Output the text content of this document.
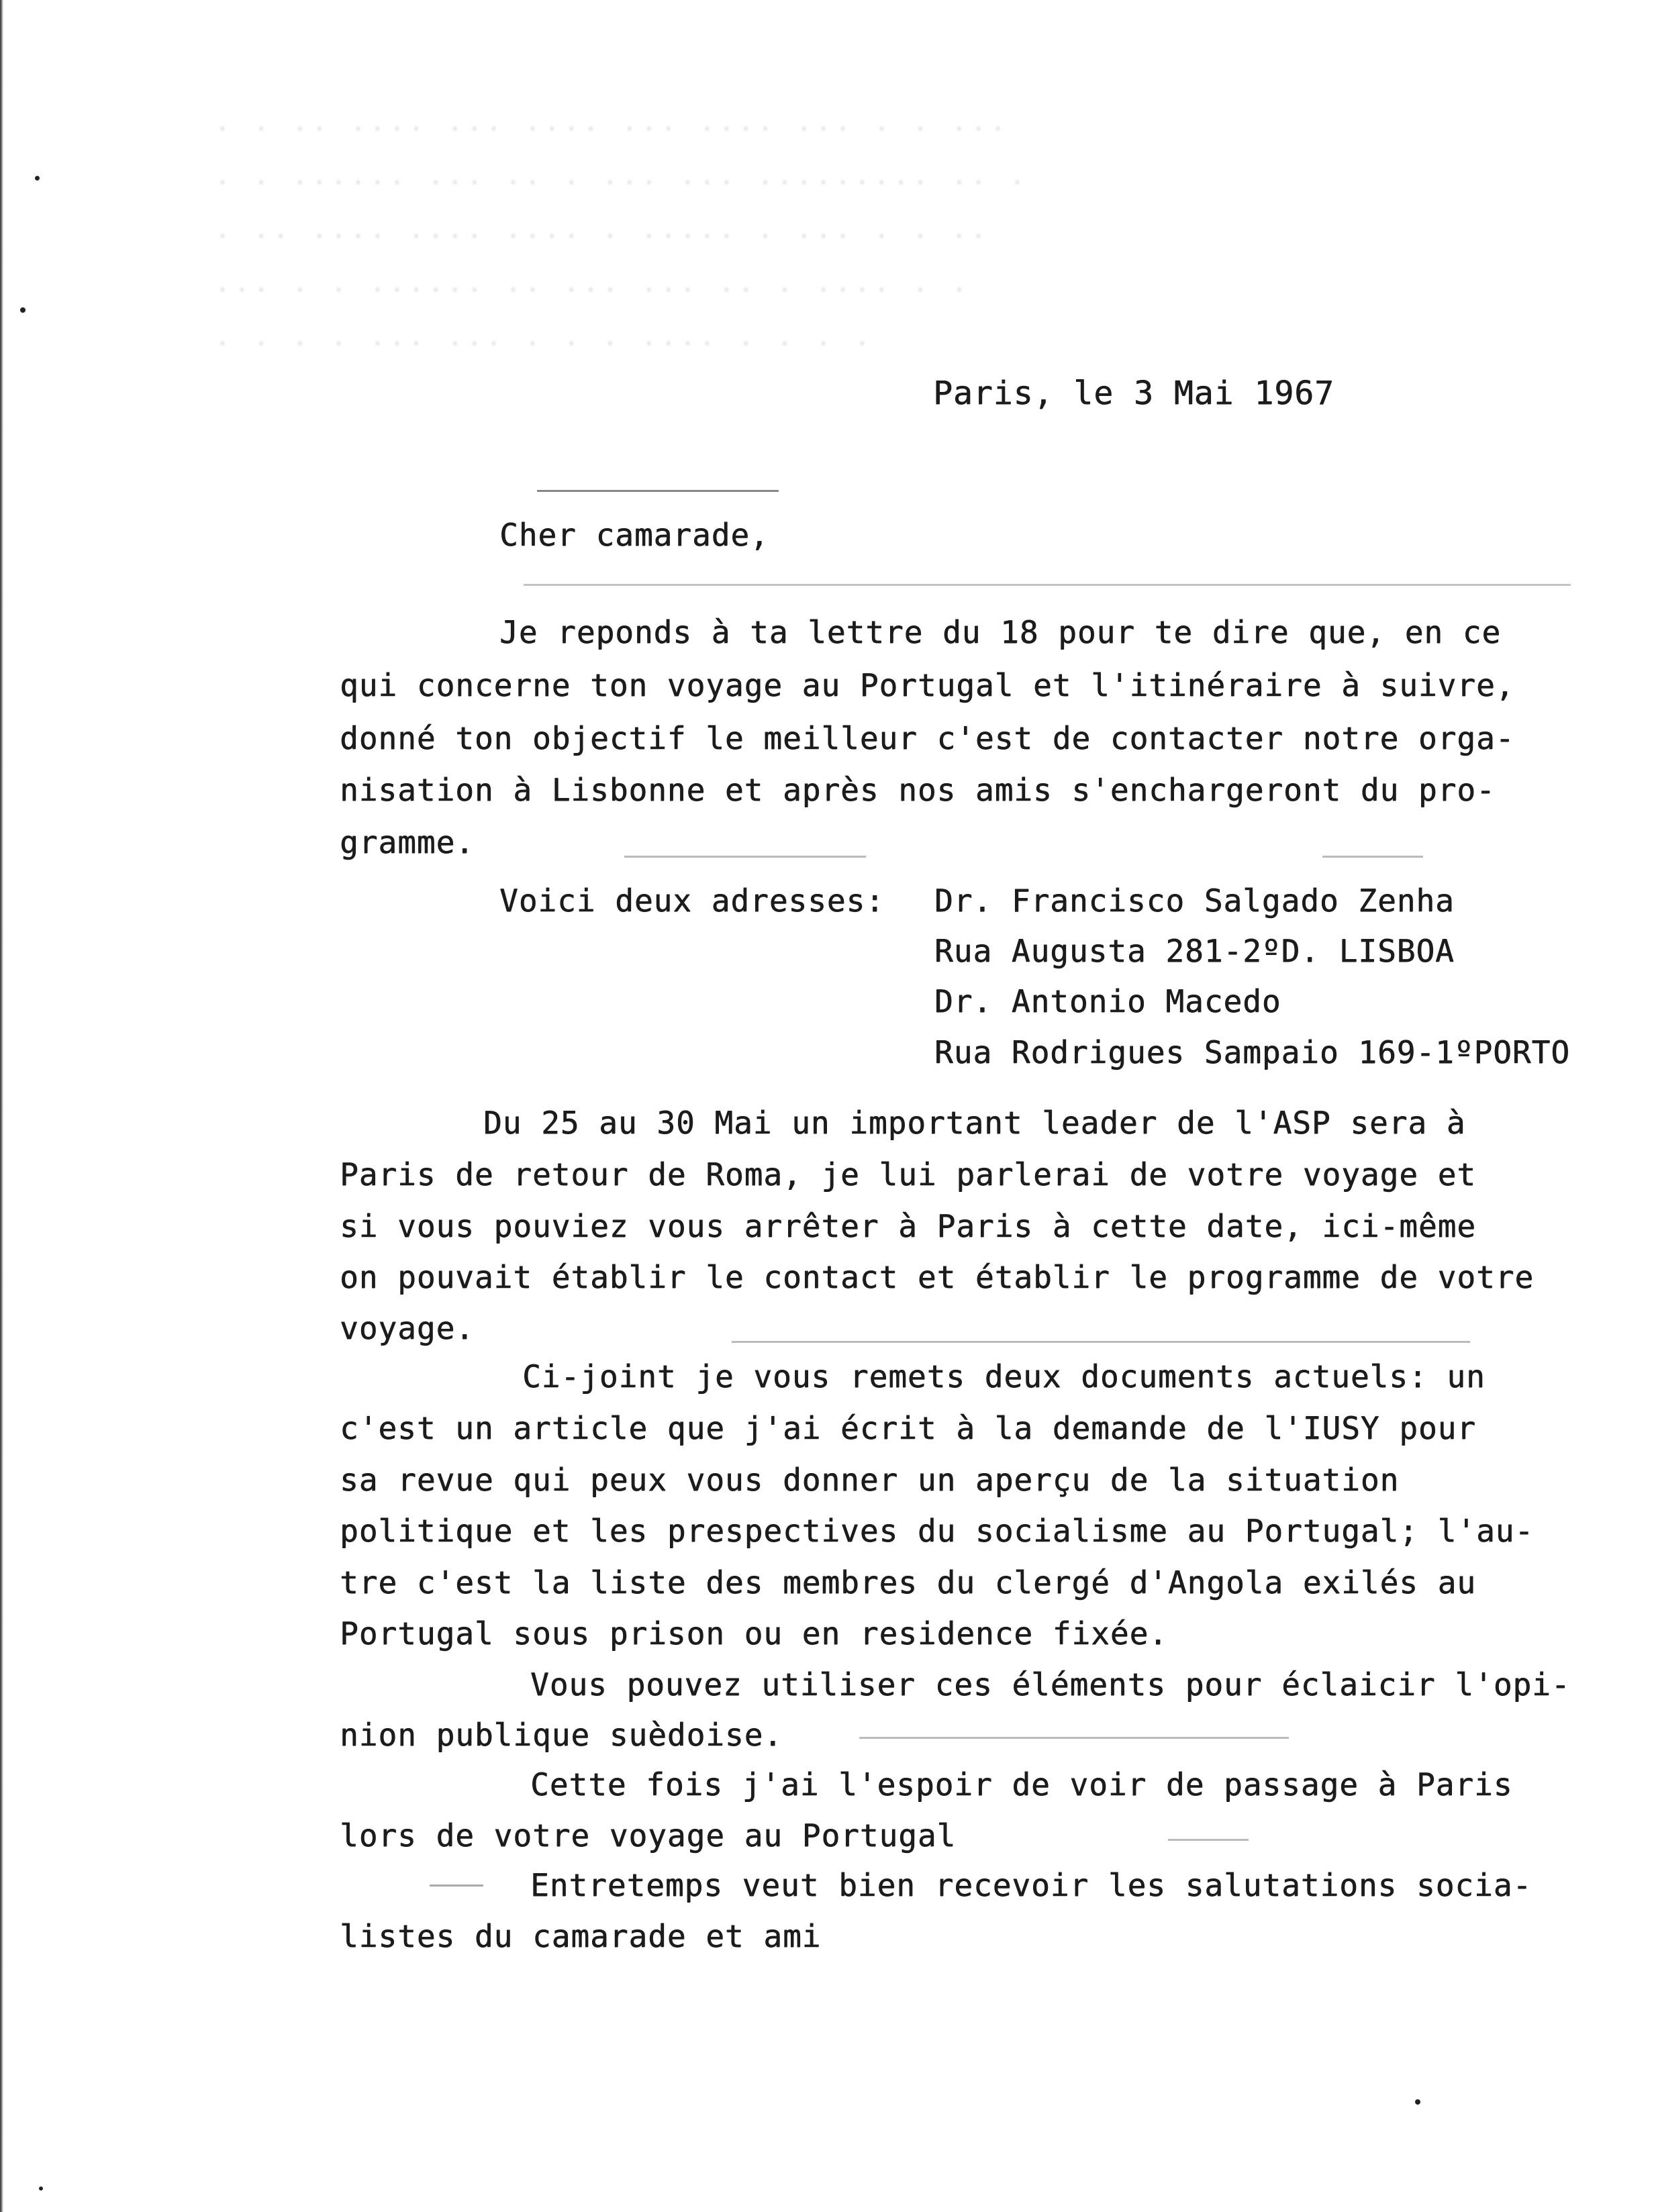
· · ·· ···· ··· ···· ··· ···· ··· · · ···
· · ······ ··· ·· · ··· ··· ········· ·· ·
· ·· ···· ···· ···· · ····· · ··· · · ··
··· · · ······ ·· ··· ··· ·· · ···· · ·
· · · · ··· ··· · · · ···· · · · ·
Paris, le 3 Mai 1967
Cher camarade,
Je reponds à ta lettre du 18 pour te dire que, en ce
qui concerne ton voyage au Portugal et l'itinéraire à suivre,
donné ton objectif le meilleur c'est de contacter notre orga-
nisation à Lisbonne et après nos amis s'enchargeront du pro-
gramme.
Voici deux adresses: Dr. Francisco Salgado Zenha
Rua Augusta 281-2ºD. LISBOA
Dr. Antonio Macedo
Rua Rodrigues Sampaio 169-1ºPORTO
Du 25 au 30 Mai un important leader de l'ASP sera à
Paris de retour de Roma, je lui parlerai de votre voyage et
si vous pouviez vous arrêter à Paris à cette date, ici-même
on pouvait établir le contact et établir le programme de votre
voyage.
Ci-joint je vous remets deux documents actuels: un
c'est un article que j'ai écrit à la demande de l'IUSY pour
sa revue qui peux vous donner un aperçu de la situation
politique et les prespectives du socialisme au Portugal; l'au-
tre c'est la liste des membres du clergé d'Angola exilés au
Portugal sous prison ou en residence fixée.
Vous pouvez utiliser ces éléments pour éclaicir l'opi-
nion publique suèdoise.
Cette fois j'ai l'espoir de voir de passage à Paris
lors de votre voyage au Portugal
Entretemps veut bien recevoir les salutations socia-
listes du camarade et ami
